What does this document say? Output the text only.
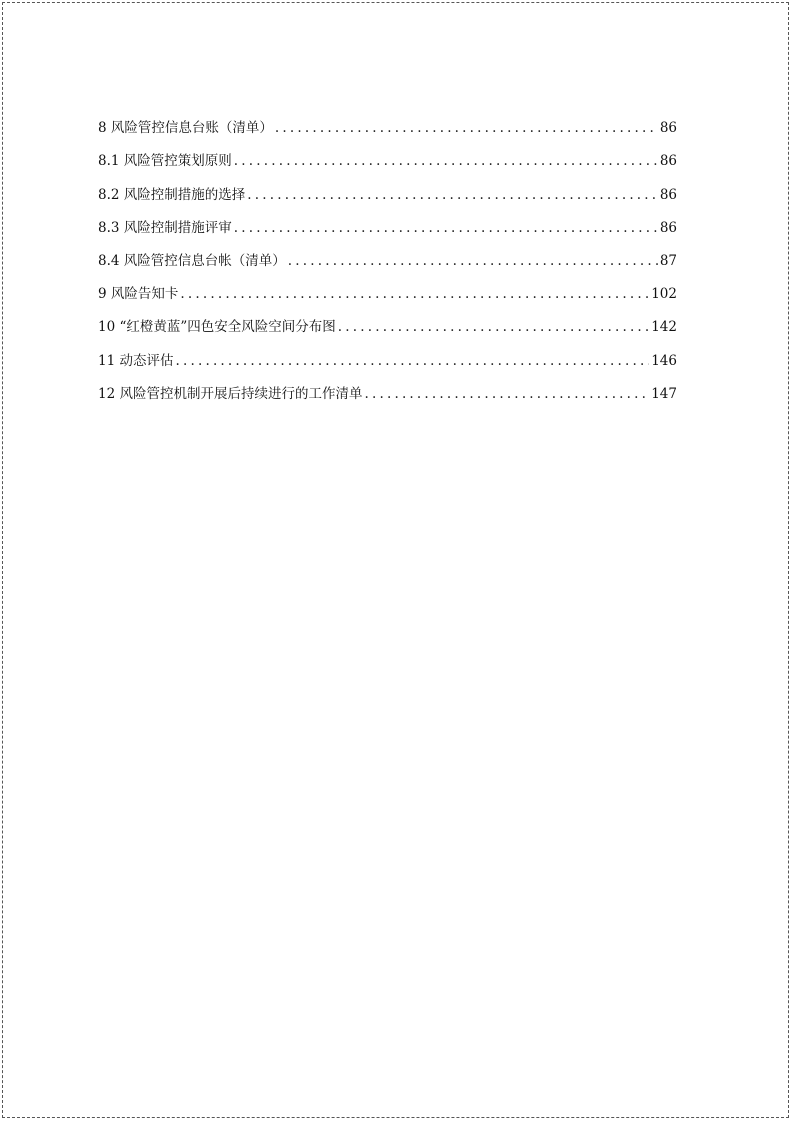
8 风险管控信息台账（清单） .....	86
8.1 风险管控策划原则 .....	86
8.2 风险控制措施的选择 .....	86
8.3 风险控制措施评审 .....	86
8.4 风险管控信息台帐（清单） .....	87
9 风险告知卡 .....	102
10 “红橙黄蓝”四色安全风险空间分布图 .....	142
11 动态评估 .....	146
12 风险管控机制开展后持续进行的工作清单 .....	147
